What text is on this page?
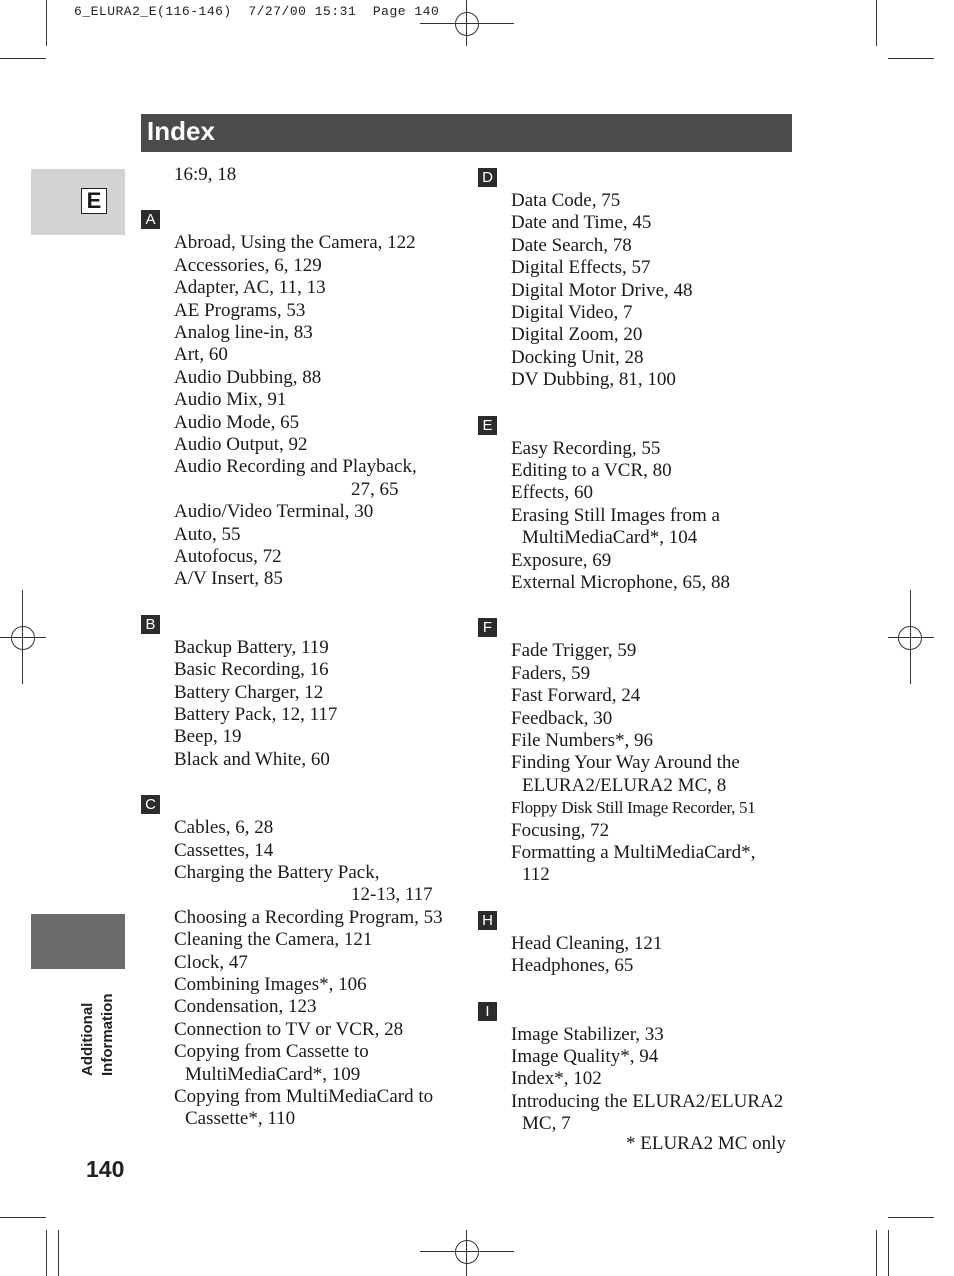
6_ELURA2_E(116-146)  7/27/00 15:31  Page 140
Index
E
Additional Information
140
16:9, 18
A
Abroad, Using the Camera, 122
Accessories, 6, 129
Adapter, AC, 11, 13
AE Programs, 53
Analog line-in, 83
Art, 60
Audio Dubbing, 88
Audio Mix, 91
Audio Mode, 65
Audio Output, 92
Audio Recording and Playback,
27, 65
Audio/Video Terminal, 30
Auto, 55
Autofocus, 72
A/V Insert, 85
B
Backup Battery, 119
Basic Recording, 16
Battery Charger, 12
Battery Pack, 12, 117
Beep, 19
Black and White, 60
C
Cables, 6, 28
Cassettes, 14
Charging the Battery Pack,
12-13, 117
Choosing a Recording Program, 53
Cleaning the Camera, 121
Clock, 47
Combining Images*, 106
Condensation, 123
Connection to TV or VCR, 28
Copying from Cassette to
MultiMediaCard*, 109
Copying from MultiMediaCard to
Cassette*, 110
D
Data Code, 75
Date and Time, 45
Date Search, 78
Digital Effects, 57
Digital Motor Drive, 48
Digital Video, 7
Digital Zoom, 20
Docking Unit, 28
DV Dubbing, 81, 100
E
Easy Recording, 55
Editing to a VCR, 80
Effects, 60
Erasing Still Images from a
MultiMediaCard*, 104
Exposure, 69
External Microphone, 65, 88
F
Fade Trigger, 59
Faders, 59
Fast Forward, 24
Feedback, 30
File Numbers*, 96
Finding Your Way Around the
ELURA2/ELURA2 MC, 8
Floppy Disk Still Image Recorder, 51
Focusing, 72
Formatting a MultiMediaCard*,
112
H
Head Cleaning, 121
Headphones, 65
I
Image Stabilizer, 33
Image Quality*, 94
Index*, 102
Introducing the ELURA2/ELURA2
MC, 7
* ELURA2 MC only
